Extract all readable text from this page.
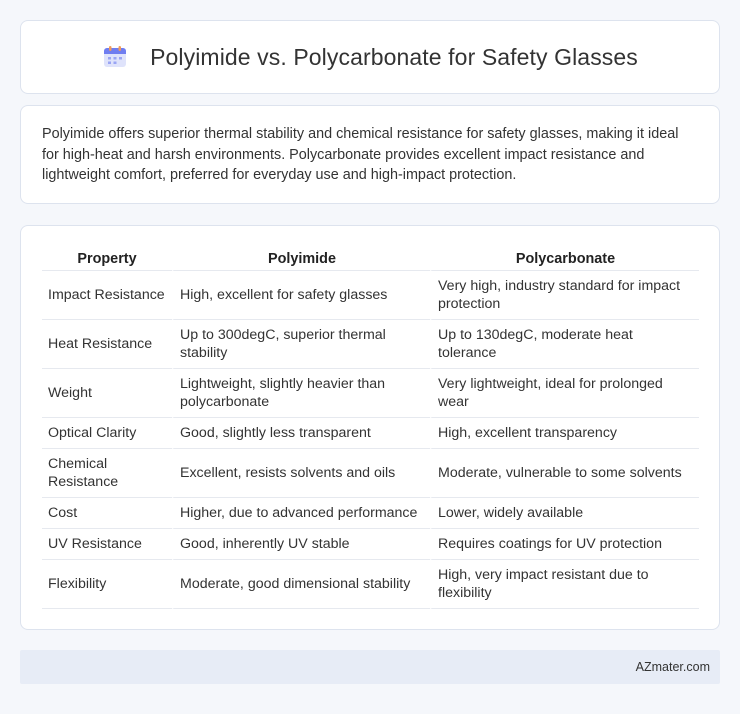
Polyimide vs. Polycarbonate for Safety Glasses

Polyimide offers superior thermal stability and chemical resistance for safety glasses, making it ideal for high-heat and harsh environments. Polycarbonate provides excellent impact resistance and lightweight comfort, preferred for everyday use and high-impact protection.

Property	Polyimide	Polycarbonate
Impact Resistance	High, excellent for safety glasses	Very high, industry standard for impact protection
Heat Resistance	Up to 300degC, superior thermal stability	Up to 130degC, moderate heat tolerance
Weight	Lightweight, slightly heavier than polycarbonate	Very lightweight, ideal for prolonged wear
Optical Clarity	Good, slightly less transparent	High, excellent transparency
Chemical Resistance	Excellent, resists solvents and oils	Moderate, vulnerable to some solvents
Cost	Higher, due to advanced performance	Lower, widely available
UV Resistance	Good, inherently UV stable	Requires coatings for UV protection
Flexibility	Moderate, good dimensional stability	High, very impact resistant due to flexibility
AZmater.com
